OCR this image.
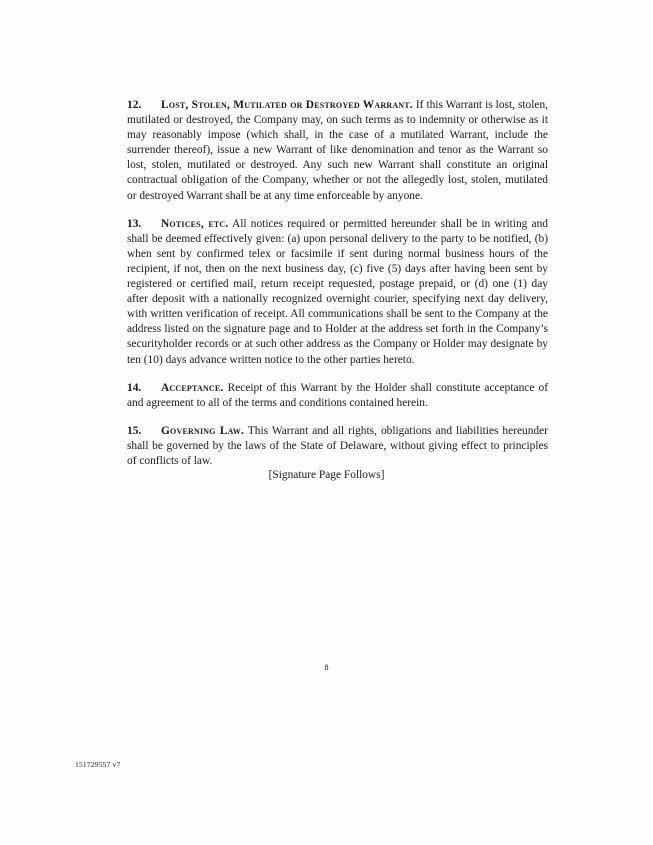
12. Lost, Stolen, Mutilated or Destroyed Warrant. If this Warrant is lost, stolen, mutilated or destroyed, the Company may, on such terms as to indemnity or otherwise as it may reasonably impose (which shall, in the case of a mutilated Warrant, include the surrender thereof), issue a new Warrant of like denomination and tenor as the Warrant so lost, stolen, mutilated or destroyed. Any such new Warrant shall constitute an original contractual obligation of the Company, whether or not the allegedly lost, stolen, mutilated or destroyed Warrant shall be at any time enforceable by anyone.

13. Notices, etc. All notices required or permitted hereunder shall be in writing and shall be deemed effectively given: (a) upon personal delivery to the party to be notified, (b) when sent by confirmed telex or facsimile if sent during normal business hours of the recipient, if not, then on the next business day, (c) five (5) days after having been sent by registered or certified mail, return receipt requested, postage prepaid, or (d) one (1) day after deposit with a nationally recognized overnight courier, specifying next day delivery, with written verification of receipt. All communications shall be sent to the Company at the address listed on the signature page and to Holder at the address set forth in the Company’s securityholder records or at such other address as the Company or Holder may designate by ten (10) days advance written notice to the other parties hereto.

14. Acceptance. Receipt of this Warrant by the Holder shall constitute acceptance of and agreement to all of the terms and conditions contained herein.

15. Governing Law. This Warrant and all rights, obligations and liabilities hereunder shall be governed by the laws of the State of Delaware, without giving effect to principles of conflicts of law.

[Signature Page Follows]
8
151729557 v7
